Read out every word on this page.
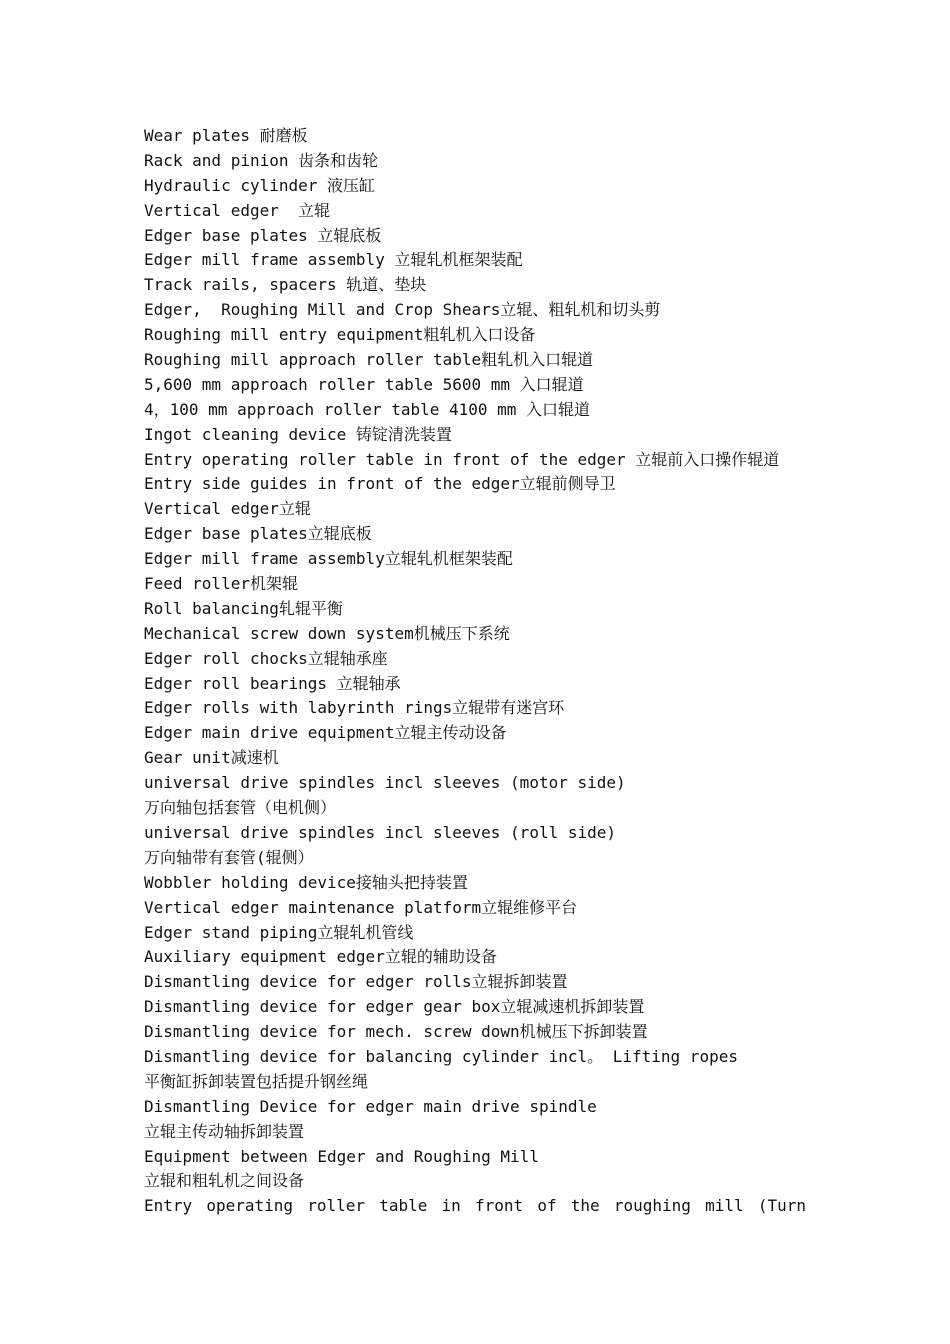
Wear plates 耐磨板
Rack and pinion 齿条和齿轮
Hydraulic cylinder 液压缸
Vertical edger  立辊
Edger base plates 立辊底板
Edger mill frame assembly 立辊轧机框架装配
Track rails, spacers 轨道、垫块
Edger,  Roughing Mill and Crop Shears立辊、粗轧机和切头剪
Roughing mill entry equipment粗轧机入口设备
Roughing mill approach roller table粗轧机入口辊道
5,600 mm approach roller table 5600 mm 入口辊道
4，100 mm approach roller table 4100 mm 入口辊道
Ingot cleaning device 铸锭清洗装置
Entry operating roller table in front of the edger 立辊前入口操作辊道
Entry side guides in front of the edger立辊前侧导卫
Vertical edger立辊
Edger base plates立辊底板
Edger mill frame assembly立辊轧机框架装配
Feed roller机架辊
Roll balancing轧辊平衡
Mechanical screw down system机械压下系统
Edger roll chocks立辊轴承座
Edger roll bearings 立辊轴承
Edger rolls with labyrinth rings立辊带有迷宫环
Edger main drive equipment立辊主传动设备
Gear unit减速机
universal drive spindles incl sleeves (motor side)
万向轴包括套管（电机侧）
universal drive spindles incl sleeves (roll side)
万向轴带有套管(辊侧）
Wobbler holding device接轴头把持装置
Vertical edger maintenance platform立辊维修平台
Edger stand piping立辊轧机管线
Auxiliary equipment edger立辊的辅助设备
Dismantling device for edger rolls立辊拆卸装置
Dismantling device for edger gear box立辊减速机拆卸装置
Dismantling device for mech. screw down机械压下拆卸装置
Dismantling device for balancing cylinder incl。 Lifting ropes
平衡缸拆卸装置包括提升钢丝绳
Dismantling Device for edger main drive spindle
立辊主传动轴拆卸装置
Equipment between Edger and Roughing Mill
立辊和粗轧机之间设备
Entry operating roller table in front of the roughing mill (Turn
